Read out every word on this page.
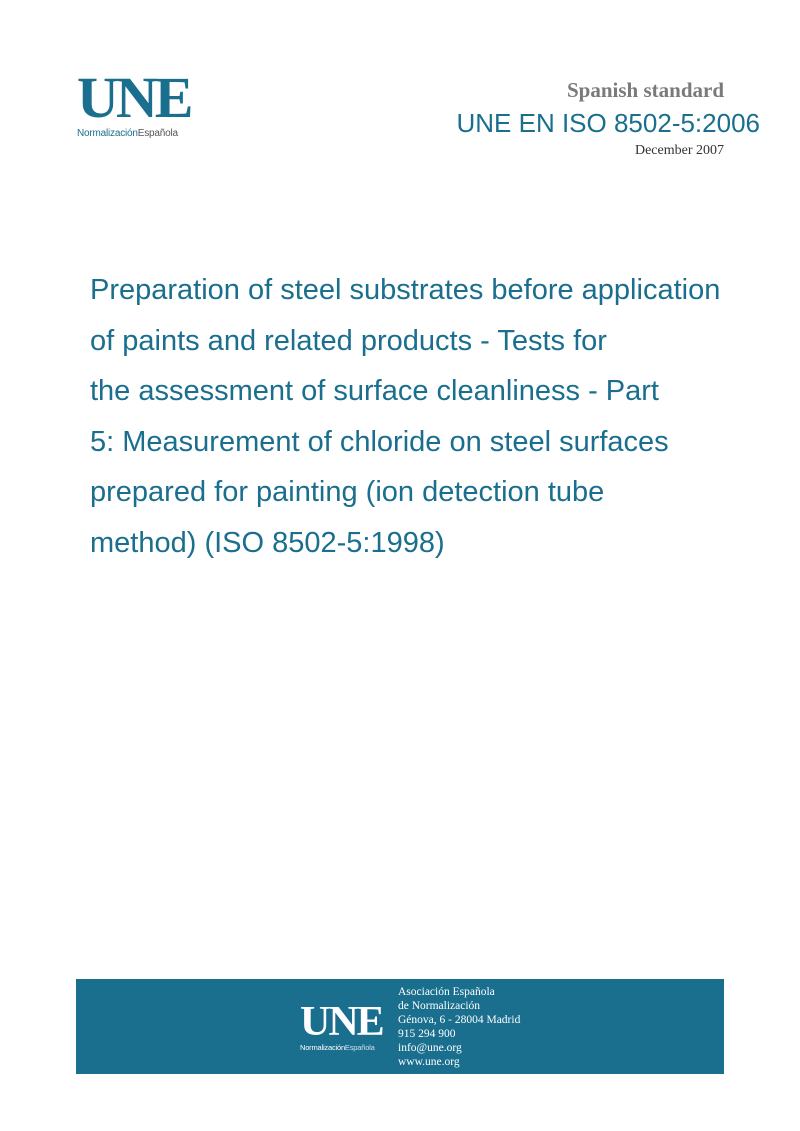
UNE
NormalizaciónEspañola
Spanish standard
UNE EN ISO 8502-5:2006
December 2007
Preparation of steel substrates before application
of paints and related products - Tests for
the assessment of surface cleanliness - Part
5: Measurement of chloride on steel surfaces
prepared for painting (ion detection tube
method) (ISO 8502-5:1998)
UNE
NormalizaciónEspañola
Asociación Española
de Normalización
Génova, 6 - 28004 Madrid
915 294 900
info@une.org
www.une.org
